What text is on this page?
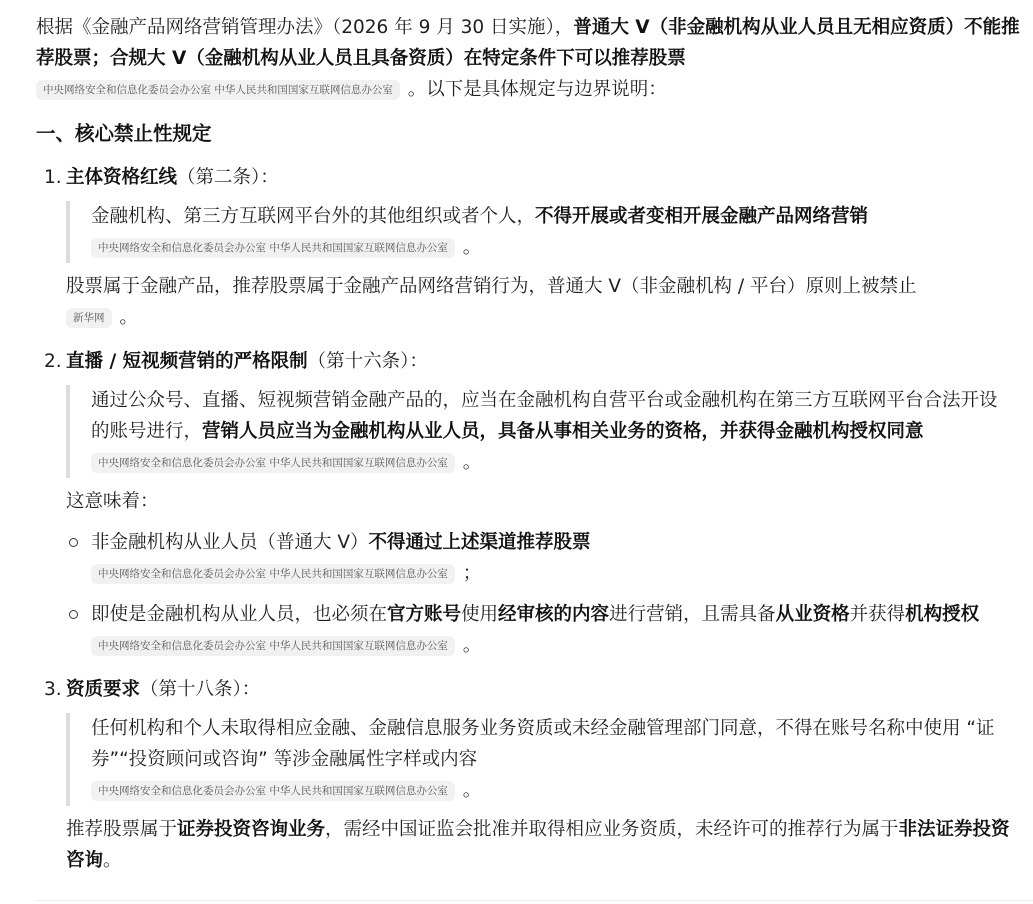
根据《金融产品网络营销管理办法》（2026 年 9 月 30 日实施），普通大 V（非金融机构从业人员且无相应资质）不能推荐股票；合规大 V（金融机构从业人员且具备资质）在特定条件下可以推荐股票
中央网络安全和信息化委员会办公室 中华人民共和国国家互联网信息办公室 。以下是具体规定与边界说明：

一、核心禁止性规定
1. 主体资格红线（第二条）：
金融机构、第三方互联网平台外的其他组织或者个人，不得开展或者变相开展金融产品网络营销
中央网络安全和信息化委员会办公室 中华人民共和国国家互联网信息办公室 。

股票属于金融产品，推荐股票属于金融产品网络营销行为，普通大 V（非金融机构 / 平台）原则上被禁止
新华网 。

2. 直播 / 短视频营销的严格限制（第十六条）：
通过公众号、直播、短视频营销金融产品的，应当在金融机构自营平台或金融机构在第三方互联网平台合法开设的账号进行，营销人员应当为金融机构从业人员，具备从事相关业务的资格，并获得金融机构授权同意 中央网络安全和信息化委员会办公室 中华人民共和国国家互联网信息办公室 。

这意味着：

非金融机构从业人员（普通大 V）不得通过上述渠道推荐股票
中央网络安全和信息化委员会办公室 中华人民共和国国家互联网信息办公室 ；
即使是金融机构从业人员，也必须在官方账号使用经审核的内容进行营销，且需具备从业资格并获得机构授权 中央网络安全和信息化委员会办公室 中华人民共和国国家互联网信息办公室 。
3. 资质要求（第十八条）：
任何机构和个人未取得相应金融、金融信息服务业务资质或未经金融管理部门同意，不得在账号名称中使用 “证券”“投资顾问或咨询” 等涉金融属性字样或内容
中央网络安全和信息化委员会办公室 中华人民共和国国家互联网信息办公室 。

推荐股票属于证券投资咨询业务，需经中国证监会批准并取得相应业务资质，未经许可的推荐行为属于非法证券投资咨询。
